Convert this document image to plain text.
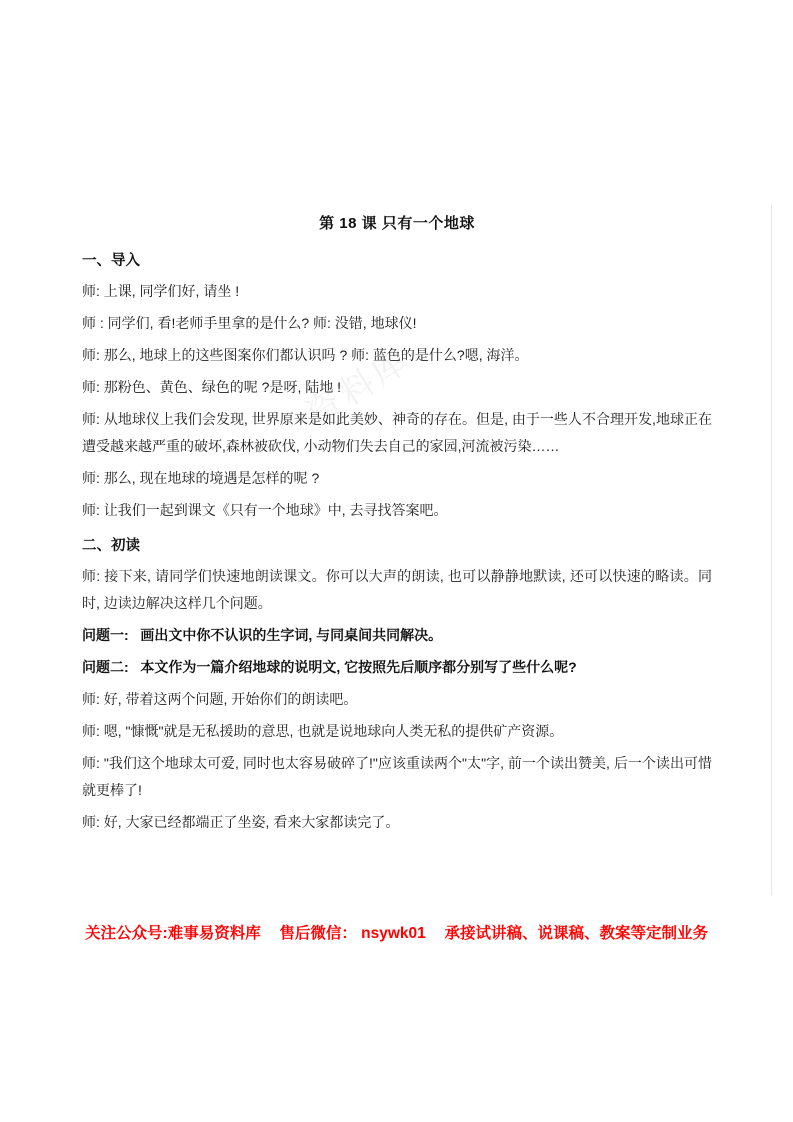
资料库
第 18 课 只有一个地球
一、导入

师: 上课, 同学们好, 请坐 !

师 : 同学们, 看!老师手里拿的是什么? 师: 没错, 地球仪!

师: 那么, 地球上的这些图案你们都认识吗 ? 师: 蓝色的是什么?嗯, 海洋。

师: 那粉色、黄色、绿色的呢 ?是呀, 陆地 !

师: 从地球仪上我们会发现, 世界原来是如此美妙、神奇的存在。但是, 由于一些人不合理开发,地球正在遭受越来越严重的破坏,森林被砍伐, 小动物们失去自己的家园,河流被污染……

师: 那么, 现在地球的境遇是怎样的呢 ?

师: 让我们一起到课文《只有一个地球》中, 去寻找答案吧。

二、初读

师: 接下来, 请同学们快速地朗读课文。你可以大声的朗读, 也可以静静地默读, 还可以快速的略读。同时, 边读边解决这样几个问题。

问题一: 画出文中你不认识的生字词, 与同桌间共同解决。
问题二: 本文作为一篇介绍地球的说明文, 它按照先后顺序都分别写了些什么呢?

师: 好, 带着这两个问题, 开始你们的朗读吧。

师: 嗯, "慷慨"就是无私援助的意思, 也就是说地球向人类无私的提供矿产资源。

师: "我们这个地球太可爱, 同时也太容易破碎了!"应该重读两个"太"字, 前一个读出赞美, 后一个读出可惜就更棒了!

师: 好, 大家已经都端正了坐姿, 看来大家都读完了。

关注公众号:难事易资料库 售后微信： nsywk01 承接试讲稿、说课稿、教案等定制业务
